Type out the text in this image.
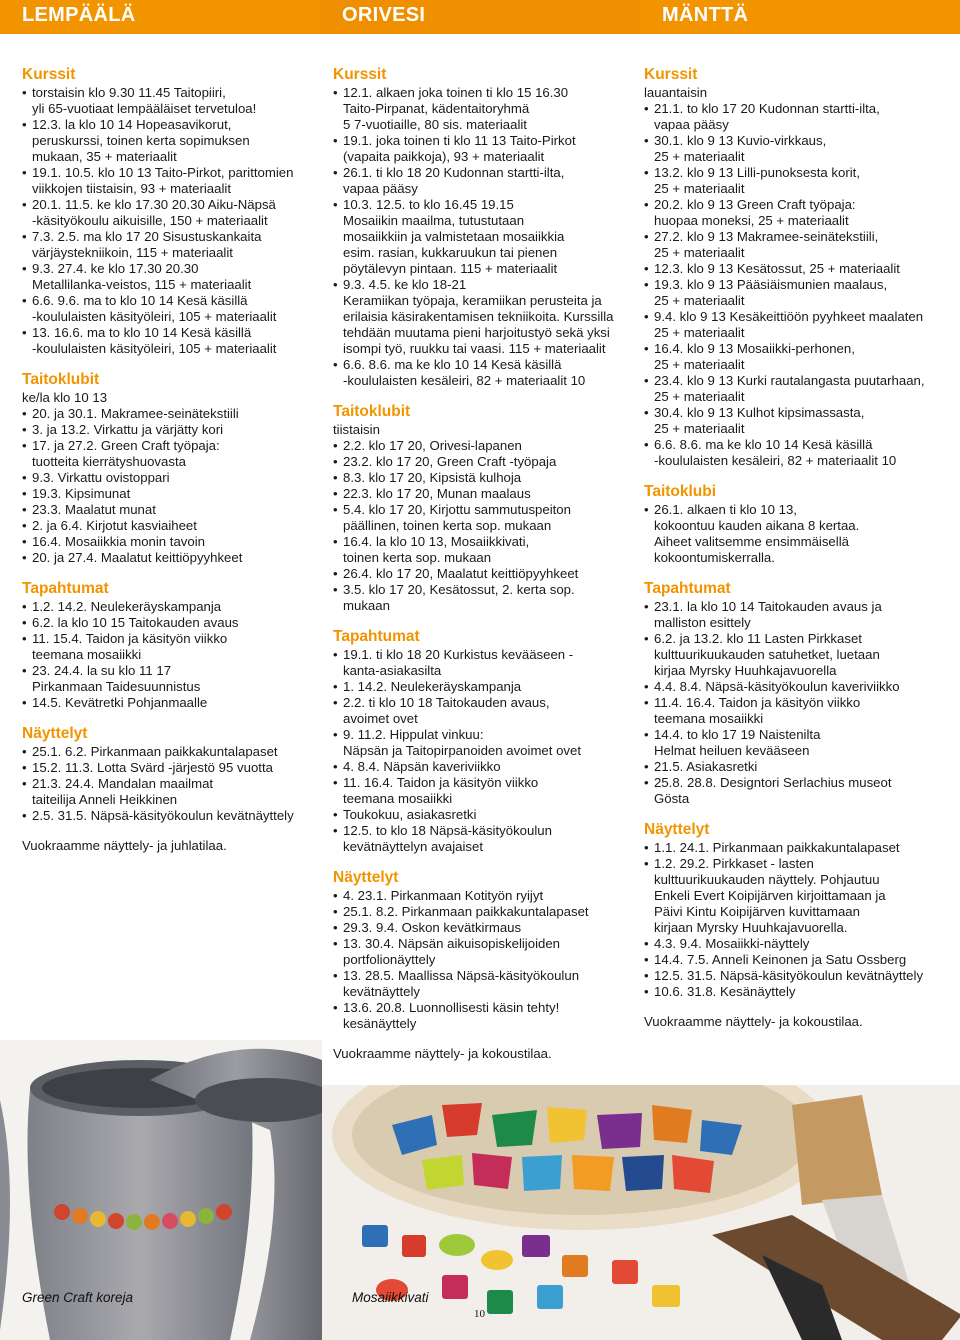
LEMPÄÄLÄ	ORIVESI	MÄNTTÄ
Kurssit
• torstaisin klo 9.30 11.45 Taitopiiri,
yli 65-vuotiaat lempääläiset tervetuloa!
• 12.3. la klo 10 14 Hopeasavikorut,
peruskurssi, toinen kerta sopimuksen
mukaan, 35 + materiaalit
• 19.1. 10.5. klo 10 13 Taito-Pirkot, parittomien
viikkojen tiistaisin, 93 + materiaalit
• 20.1. 11.5. ke klo 17.30 20.30 Aiku-Näpsä
-käsityökoulu aikuisille, 150 + materiaalit
• 7.3. 2.5. ma klo 17 20 Sisustuskankaita
värjäystekniikoin, 115 + materiaalit
• 9.3. 27.4. ke klo 17.30 20.30
Metallilanka-veistos, 115 + materiaalit
• 6.6. 9.6. ma to klo 10 14 Kesä käsillä
-koululaisten käsityöleiri, 105 + materiaalit
• 13. 16.6. ma to klo 10 14 Kesä käsillä
-koululaisten käsityöleiri, 105 + materiaalit
Taitoklubit
ke/la klo 10 13
• 20. ja 30.1. Makramee-seinätekstiili
• 3. ja 13.2. Virkattu ja värjätty kori
• 17. ja 27.2. Green Craft työpaja:
tuotteita kierrätyshuovasta
• 9.3. Virkattu ovistoppari
• 19.3. Kipsimunat
• 23.3. Maalatut munat
• 2. ja 6.4. Kirjotut kasviaiheet
• 16.4. Mosaiikkia monin tavoin
• 20. ja 27.4. Maalatut keittiöpyyhkeet
Tapahtumat
• 1.2. 14.2. Neulekeräyskampanja
• 6.2. la klo 10 15 Taitokauden avaus
• 11. 15.4. Taidon ja käsityön viikko
teemana mosaiikki
• 23. 24.4. la su klo 11 17
Pirkanmaan Taidesuunnistus
• 14.5. Kevätretki Pohjanmaalle
Näyttelyt
• 25.1. 6.2. Pirkanmaan paikkakuntalapaset
• 15.2. 11.3. Lotta Svärd -järjestö 95 vuotta
• 21.3. 24.4. Mandalan maailmat
taiteilija Anneli Heikkinen
• 2.5. 31.5. Näpsä-käsityökoulun kevätnäyttely
Vuokraamme näyttely- ja juhlatilaa.
Kurssit
• 12.1. alkaen joka toinen ti klo 15 16.30
Taito-Pirpanat, kädentaitoryhmä
5 7-vuotiaille, 80 sis. materiaalit
• 19.1. joka toinen ti klo 11 13 Taito-Pirkot
(vapaita paikkoja), 93 + materiaalit
• 26.1. ti klo 18 20 Kudonnan startti-ilta,
vapaa pääsy
• 10.3. 12.5. to klo 16.45 19.15
Mosaiikin maailma, tutustutaan
mosaiikkiin ja valmistetaan mosaiikkia
esim. rasian, kukkaruukun tai pienen
pöytälevyn pintaan. 115 + materiaalit
• 9.3. 4.5. ke klo 18-21
Keramiikan työpaja, keramiikan perusteita ja
erilaisia käsirakentamisen tekniikoita. Kurssilla
tehdään muutama pieni harjoitustyö sekä yksi
isompi työ, ruukku tai vaasi. 115 + materiaalit
• 6.6. 8.6. ma ke klo 10 14 Kesä käsillä
-koululaisten kesäleiri, 82 + materiaalit 10
Taitoklubit
tiistaisin
• 2.2. klo 17 20, Orivesi-lapanen
• 23.2. klo 17 20, Green Craft -työpaja
• 8.3. klo 17 20, Kipsistä kulhoja
• 22.3. klo 17 20, Munan maalaus
• 5.4. klo 17 20, Kirjottu sammutuspeiton
päällinen, toinen kerta sop. mukaan
• 16.4. la klo 10 13, Mosaiikkivati,
toinen kerta sop. mukaan
• 26.4. klo 17 20, Maalatut keittiöpyyhkeet
• 3.5. klo 17 20, Kesätossut, 2. kerta sop. mukaan
Tapahtumat
• 19.1. ti klo 18 20 Kurkistus kevääseen -
kanta-asiakasilta
• 1. 14.2. Neulekeräyskampanja
• 2.2. ti klo 10 18 Taitokauden avaus,
avoimet ovet
• 9. 11.2. Hippulat vinkuu:
Näpsän ja Taitopirpanoiden avoimet ovet
• 4. 8.4. Näpsän kaveriviikko
• 11. 16.4. Taidon ja käsityön viikko
teemana mosaiikki
• Toukokuu, asiakasretki
• 12.5. to klo 18 Näpsä-käsityökoulun
kevätnäyttelyn avajaiset
Näyttelyt
• 4. 23.1. Pirkanmaan Kotityön ryijyt
• 25.1. 8.2. Pirkanmaan paikkakuntalapaset
• 29.3. 9.4. Oskon kevätkirmaus
• 13. 30.4. Näpsän aikuisopiskelijoiden
portfolionäyttely
• 13. 28.5. Maallissa Näpsä-käsityökoulun
kevätnäyttely
• 13.6. 20.8. Luonnollisesti käsin tehty!
kesänäyttely
Vuokraamme näyttely- ja kokoustilaa.
Kurssit
lauantaisin
• 21.1. to klo 17 20 Kudonnan startti-ilta,
vapaa pääsy
• 30.1. klo 9 13 Kuvio-virkkaus,
25 + materiaalit
• 13.2. klo 9 13 Lilli-punoksesta korit,
25 + materiaalit
• 20.2. klo 9 13 Green Craft työpaja:
huopaa moneksi, 25 + materiaalit
• 27.2. klo 9 13 Makramee-seinätekstiili,
25 + materiaalit
• 12.3. klo 9 13 Kesätossut, 25 + materiaalit
• 19.3. klo 9 13 Pääsiäismunien maalaus,
25 + materiaalit
• 9.4. klo 9 13 Kesäkeittiöön pyyhkeet maalaten
25 + materiaalit
• 16.4. klo 9 13 Mosaiikki-perhonen,
25 + materiaalit
• 23.4. klo 9 13 Kurki rautalangasta puutarhaan,
25 + materiaalit
• 30.4. klo 9 13 Kulhot kipsimassasta,
25 + materiaalit
• 6.6. 8.6. ma ke klo 10 14 Kesä käsillä
-koululaisten kesäleiri, 82 + materiaalit 10
Taitoklubi
• 26.1. alkaen ti klo 10 13,
kokoontuu kauden aikana 8 kertaa.
Aiheet valitsemme ensimmäisellä
kokoontumiskerralla.
Tapahtumat
• 23.1. la klo 10 14 Taitokauden avaus ja
malliston esittely
• 6.2. ja 13.2. klo 11 Lasten Pirkkaset
kulttuurikuukauden satuhetket, luetaan
kirjaa Myrsky Huuhkajavuorella
• 4.4. 8.4. Näpsä-käsityökoulun kaveriviikko
• 11.4. 16.4. Taidon ja käsityön viikko
teemana mosaiikki
• 14.4. to klo 17 19 Naistenilta
Helmat heiluen kevääseen
• 21.5. Asiakasretki
• 25.8. 28.8. Designtori Serlachius museot
Gösta
Näyttelyt
• 1.1. 24.1. Pirkanmaan paikkakuntalapaset
• 1.2. 29.2. Pirkkaset - lasten
kulttuurikuukauden näyttely. Pohjautuu
Enkeli Evert Koipijärven kirjoittamaan ja
Päivi Kintu Koipijärven kuvittamaan
kirjaan Myrsky Huuhkajavuorella.
• 4.3. 9.4. Mosaiikki-näyttely
• 14.4. 7.5. Anneli Keinonen ja Satu Ossberg
• 12.5. 31.5. Näpsä-käsityökoulun kevätnäyttely
• 10.6. 31.8. Kesänäyttely
Vuokraamme näyttely- ja kokoustilaa.
Green Craft koreja	Mosaiikkivati
10
